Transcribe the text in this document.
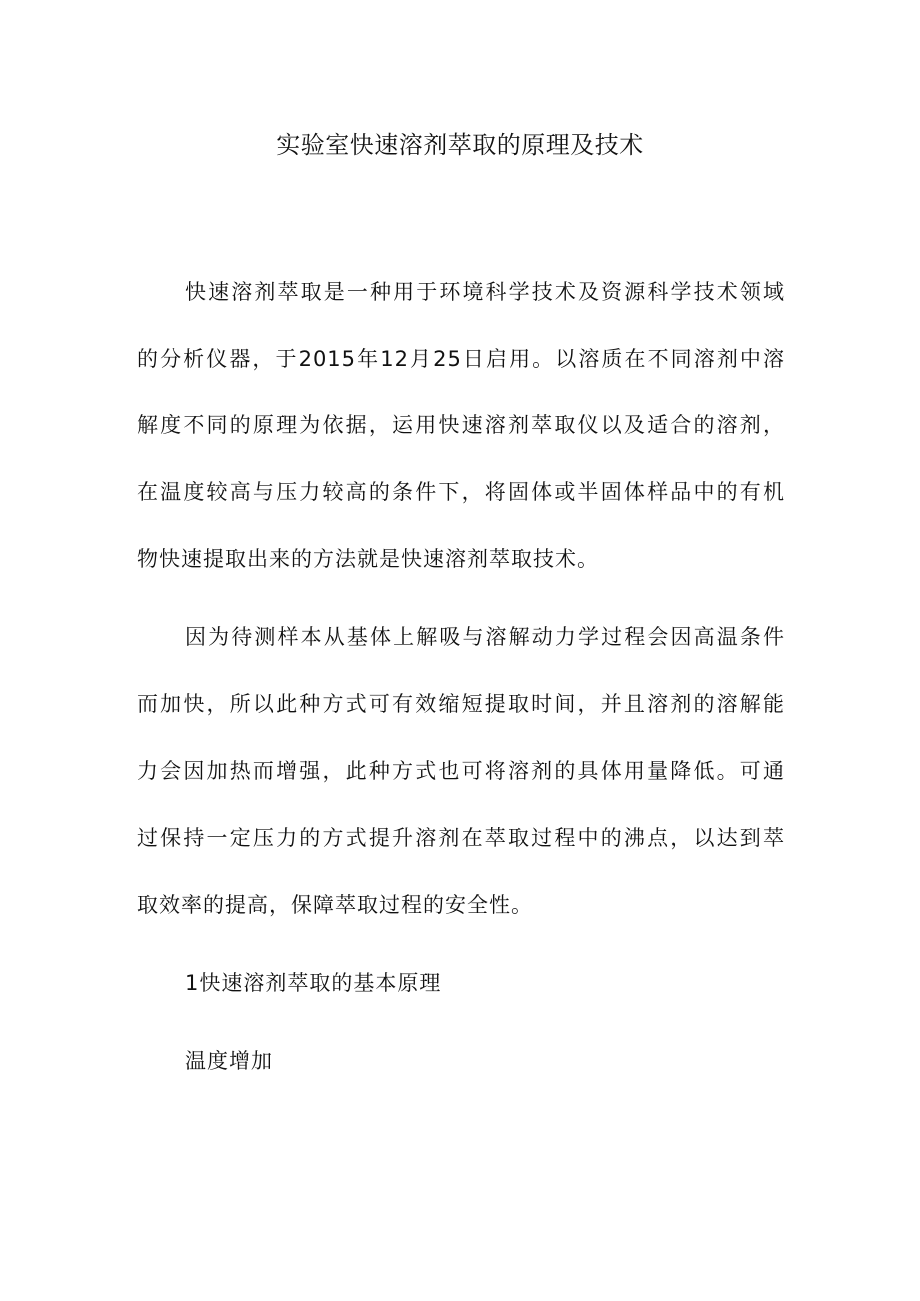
实验室快速溶剂萃取的原理及技术

快速溶剂萃取是一种用于环境科学技术及资源科学技术领域

的分析仪器，于2015年12月25日启用。以溶质在不同溶剂中溶

解度不同的原理为依据，运用快速溶剂萃取仪以及适合的溶剂，

在温度较高与压力较高的条件下，将固体或半固体样品中的有机

物快速提取出来的方法就是快速溶剂萃取技术。

因为待测样本从基体上解吸与溶解动力学过程会因高温条件

而加快，所以此种方式可有效缩短提取时间，并且溶剂的溶解能

力会因加热而增强，此种方式也可将溶剂的具体用量降低。可通

过保持一定压力的方式提升溶剂在萃取过程中的沸点，以达到萃

取效率的提高，保障萃取过程的安全性。

1快速溶剂萃取的基本原理

温度增加
